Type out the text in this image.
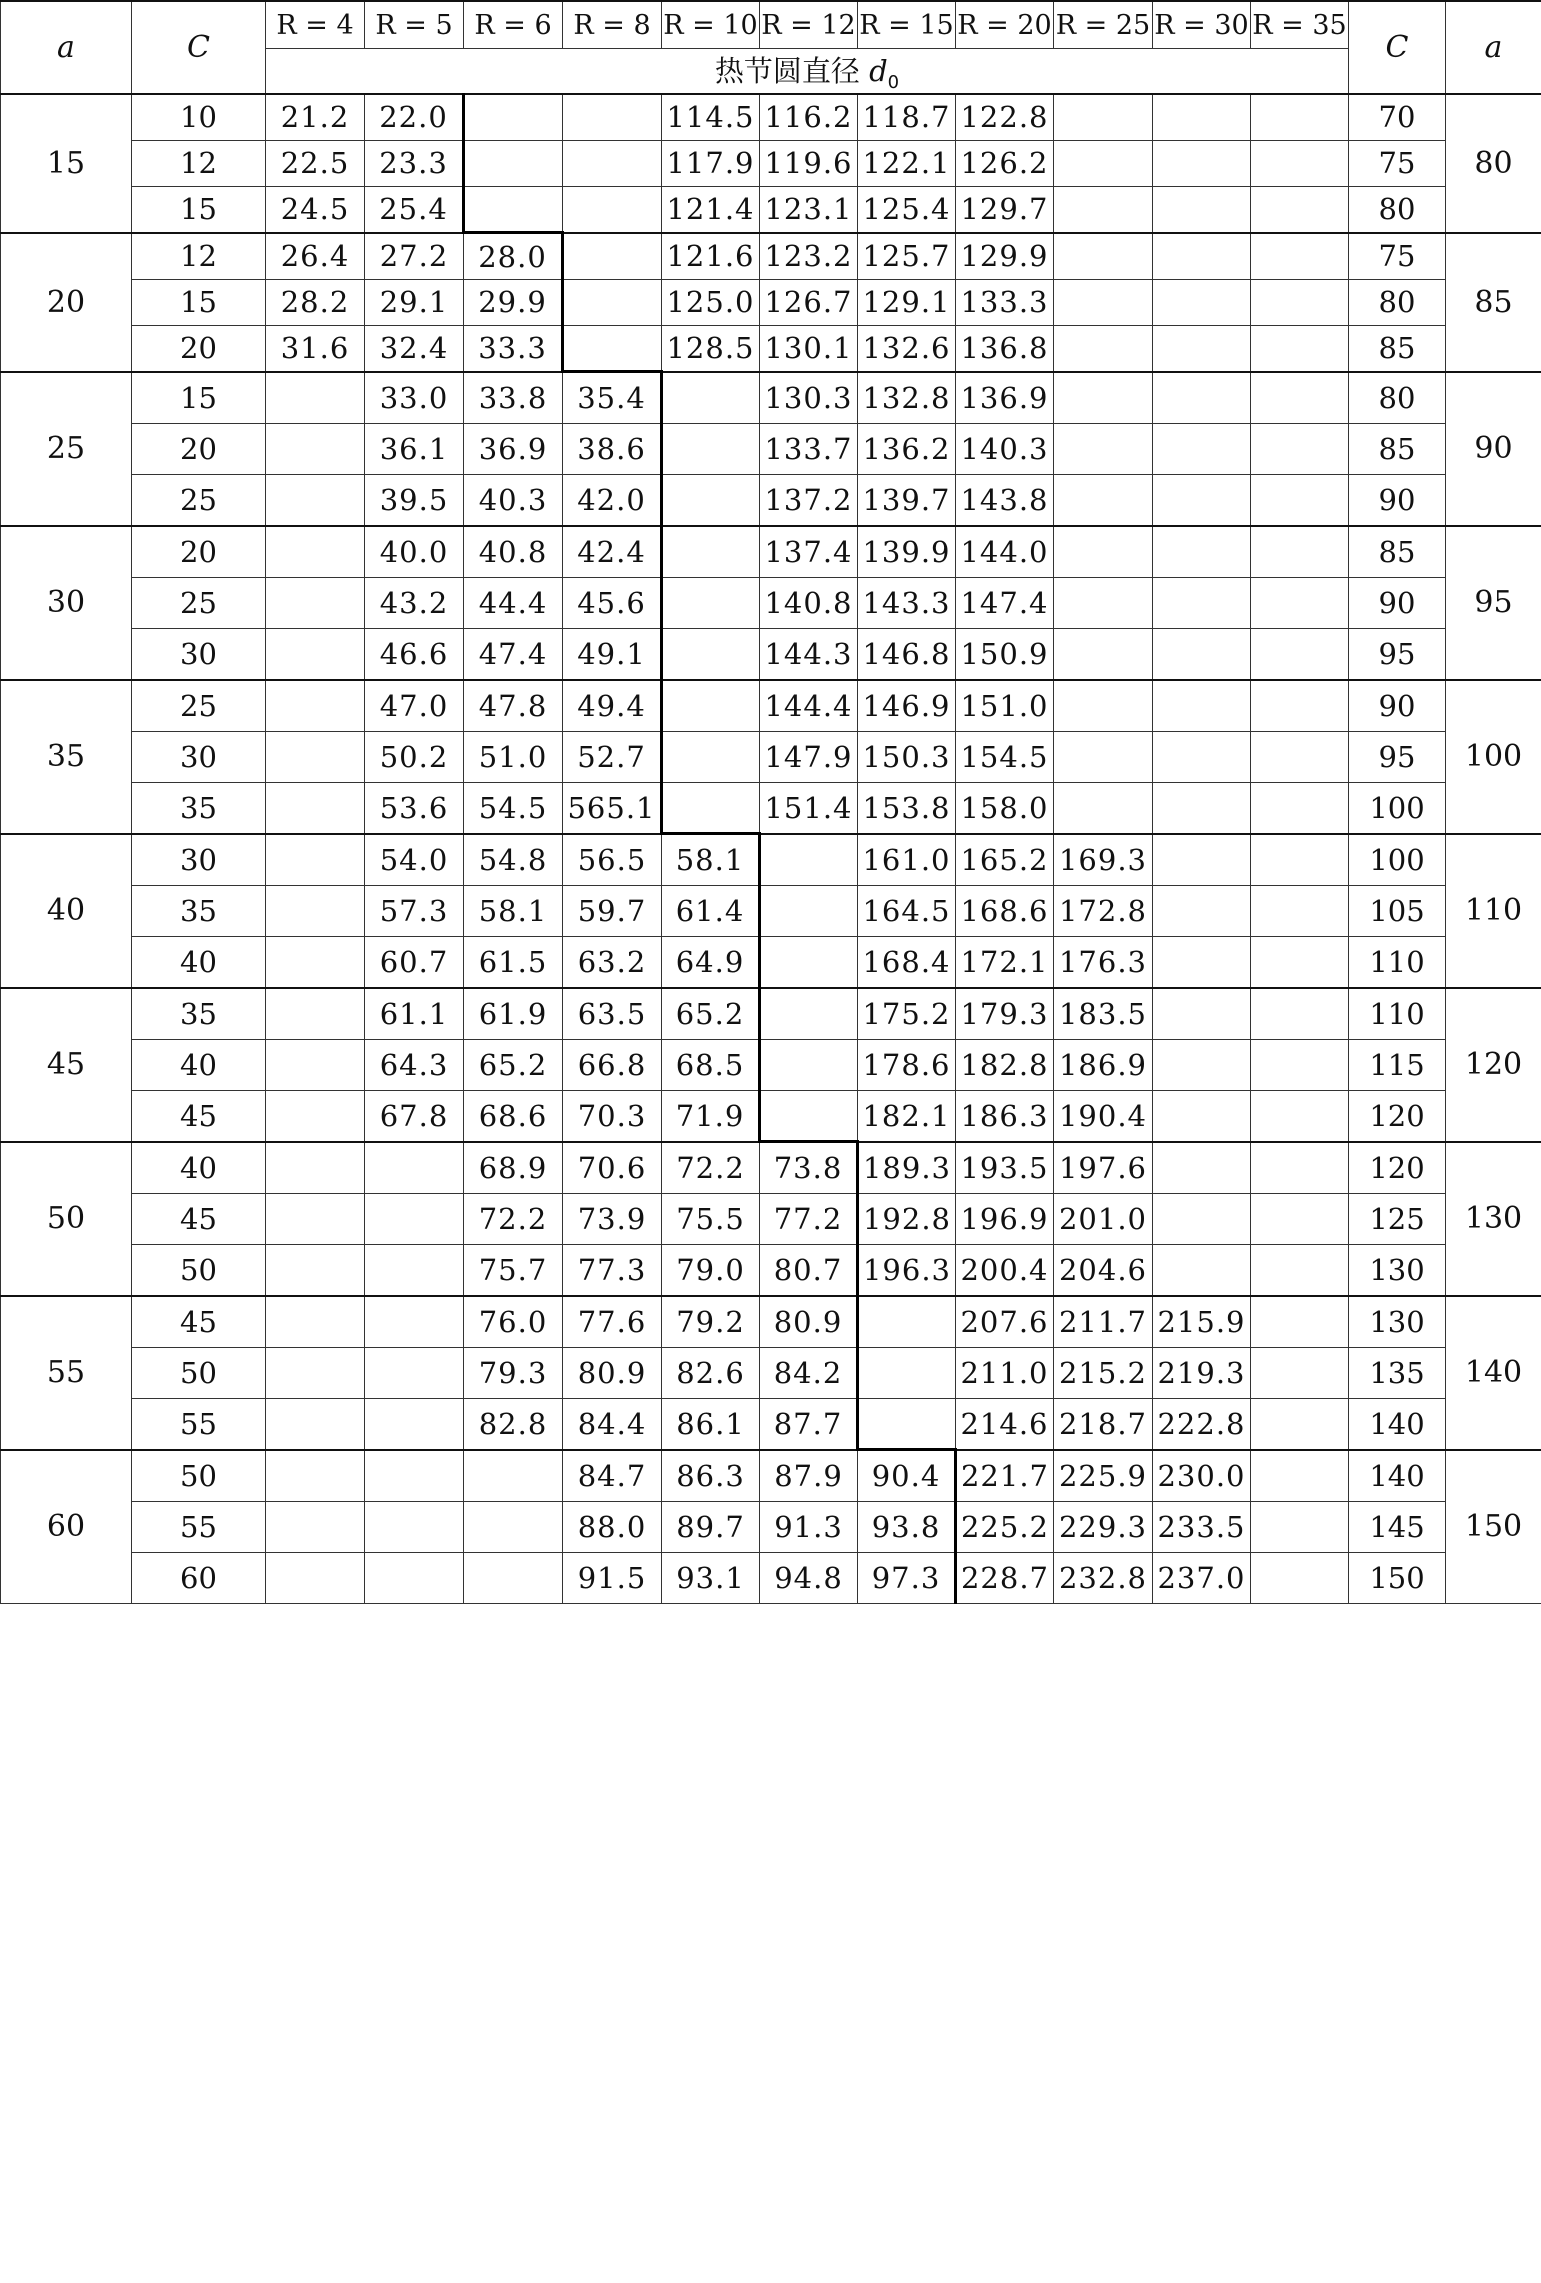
a	C	R = 4	R = 5	R = 6	R = 8	R = 10	R = 12	R = 15	R = 20	R = 25	R = 30	R = 35	C	a
		热节圆直径 $d_0$
15	10	21.2	22.0			114.5	116.2	118.7	122.8				70	80
	12	22.5	23.3			117.9	119.6	122.1	126.2				75	
	15	24.5	25.4			121.4	123.1	125.4	129.7				80	
20	12	26.4	27.2	28.0		121.6	123.2	125.7	129.9				75	85
	15	28.2	29.1	29.9		125.0	126.7	129.1	133.3				80	
	20	31.6	32.4	33.3		128.5	130.1	132.6	136.8				85	
25	15		33.0	33.8	35.4		130.3	132.8	136.9				80	90
	20		36.1	36.9	38.6		133.7	136.2	140.3				85	
	25		39.5	40.3	42.0		137.2	139.7	143.8				90	
30	20		40.0	40.8	42.4		137.4	139.9	144.0				85	95
	25		43.2	44.4	45.6		140.8	143.3	147.4				90	
	30		46.6	47.4	49.1		144.3	146.8	150.9				95	
35	25		47.0	47.8	49.4		144.4	146.9	151.0				90	100
	30		50.2	51.0	52.7		147.9	150.3	154.5				95	
	35		53.6	54.5	565.1		151.4	153.8	158.0				100	
40	30		54.0	54.8	56.5	58.1		161.0	165.2	169.3			100	110
	35		57.3	58.1	59.7	61.4		164.5	168.6	172.8			105	
	40		60.7	61.5	63.2	64.9		168.4	172.1	176.3			110	
45	35		61.1	61.9	63.5	65.2		175.2	179.3	183.5			110	120
	40		64.3	65.2	66.8	68.5		178.6	182.8	186.9			115	
	45		67.8	68.6	70.3	71.9		182.1	186.3	190.4			120	
50	40			68.9	70.6	72.2	73.8	189.3	193.5	197.6			120	130
	45			72.2	73.9	75.5	77.2	192.8	196.9	201.0			125	
	50			75.7	77.3	79.0	80.7	196.3	200.4	204.6			130	
55	45			76.0	77.6	79.2	80.9		207.6	211.7	215.9		130	140
	50			79.3	80.9	82.6	84.2		211.0	215.2	219.3		135	
	55			82.8	84.4	86.1	87.7		214.6	218.7	222.8		140	
60	50				84.7	86.3	87.9	90.4	221.7	225.9	230.0		140	150
	55				88.0	89.7	91.3	93.8	225.2	229.3	233.5		145	
	60				91.5	93.1	94.8	97.3	228.7	232.8	237.0		150	
